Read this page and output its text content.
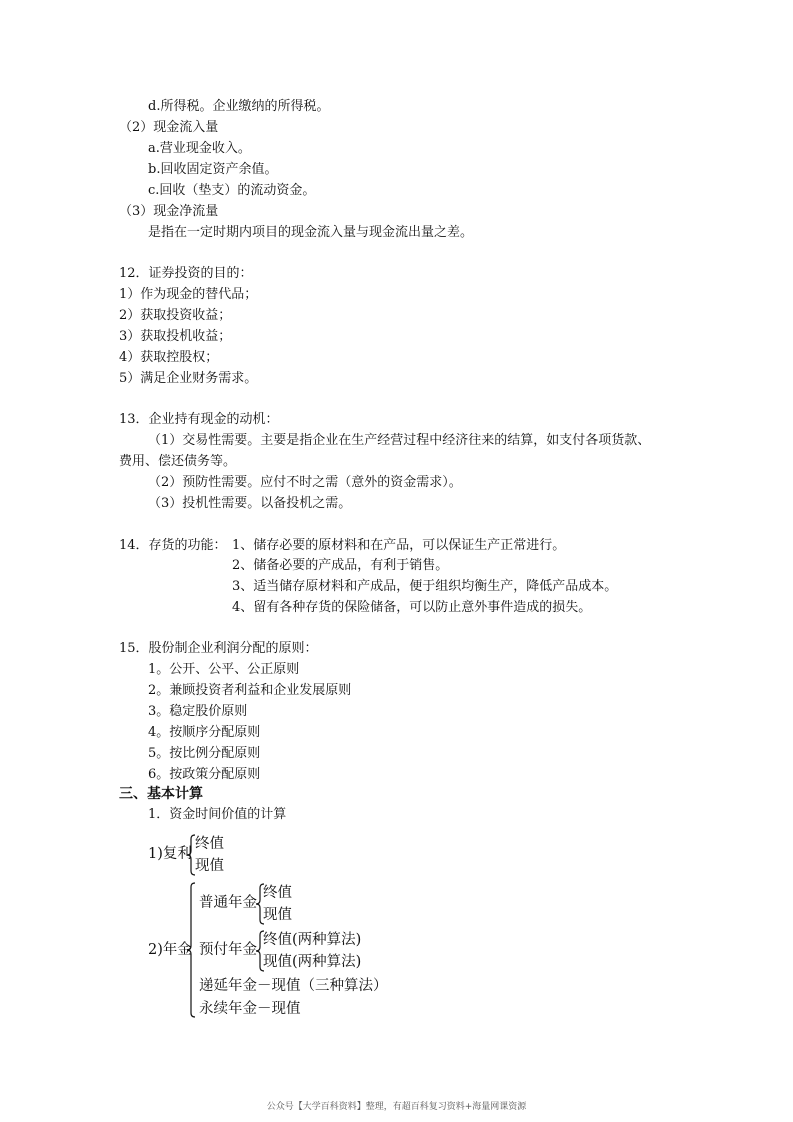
d.所得税。企业缴纳的所得税。
（2）现金流入量
a.营业现金收入。
b.回收固定资产余值。
c.回收（垫支）的流动资金。
（3）现金净流量
是指在一定时期内项目的现金流入量与现金流出量之差。
12．证券投资的目的：
1）作为现金的替代品；
2）获取投资收益；
3）获取投机收益；
4）获取控股权；
5）满足企业财务需求。
13．企业持有现金的动机：
（1）交易性需要。主要是指企业在生产经营过程中经济往来的结算，如支付各项货款、
费用、偿还债务等。
（2）预防性需要。应付不时之需（意外的资金需求）。
（3）投机性需要。以备投机之需。
14．存货的功能： 1、储存必要的原材料和在产品，可以保证生产正常进行。
2、储备必要的产成品，有利于销售。
3、适当储存原材料和产成品，便于组织均衡生产，降低产品成本。
4、留有各种存货的保险储备，可以防止意外事件造成的损失。
15．股份制企业利润分配的原则：
1。公开、公平、公正原则
2。兼顾投资者利益和企业发展原则
3。稳定股价原则
4。按顺序分配原则
5。按比例分配原则
6。按政策分配原则
三、基本计算
1．资金时间价值的计算
1)复利
终值
现值
2)年金
普通年金
终值
现值
预付年金
终值(两种算法)
现值(两种算法)
递延年金－现值（三种算法）
永续年金－现值
公众号【大学百科资料】整理，有超百科复习资料+海量网课资源
